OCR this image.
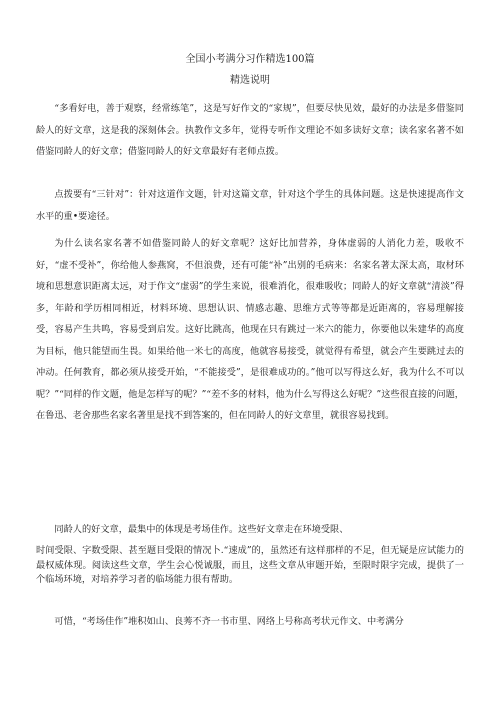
全国小考满分习作精选100篇
精选说明

“多看好电，善于观察，经常练笔”，这是写好作文的“家规”，但要尽快见效，最好的办法是多借鉴同龄人的好文章，这是我的深刻体会。执教作文多年，觉得专听作文理论不如多读好文章；读名家名著不如借鉴同龄人的好文章；借鉴同龄人的好文章最好有老师点拨。

点拨要有“三针对”：针对这道作文题，针对这篇文章，针对这个学生的具体问题。这是快速提高作文水平的重•要途径。

为什么读名家名著不如借鉴同龄人的好文章呢？这好比加营养，身体虚弱的人消化力差，吸收不好，“虚不受补”，你给他人参燕窝，不但浪费，还有可能“补”出别的毛病来：名家名著太深太高，取材环境和思想意识距离太远，对于作文“虚弱”的学生来说，很难消化，很难吸收；同龄人的好文章就“清淡”得多，年龄和学历相同相近，材料环境、思想认识、情感志趣、思维方式等等都是近距离的，容易理解接受，容易产生共鸣，容易受到启发。这好比跳高，他现在只有跳过一米六的能力，你要他以朱建华的高度为目标，他只能望而生畏。如果给他一米七的高度，他就容易接受，就觉得有希望，就会产生要跳过去的冲动。任何教育，都必须从接受开始，“不能接受”，是很难成功的。”他可以写得这么好，我为什么不可以呢？”“同样的作文题，他是怎样写的呢？”“差不多的材料，他为什么写得这么好呢？”这些很直接的问题，在鲁迅、老舍那些名家名著里是找不到答案的，但在同龄人的好文章里，就很容易找到。

同龄人的好文章，最集中的体现是考场佳作。这些好文章走在环境受限、

时间受限、字数受限、甚至题目受限的情况卜.“速成”的，虽然还有这样那样的不足，但无疑是应试能力的最权威体现。阅读这些文章，学生会心悦诚服，而且，这些文章从审题开始，至限时限字完成，提供了一个临场环境，对培养学习者的临场能力很有帮助。

可惜，“考场佳作”堆积如山、良莠不齐一书市里、网络上号称高考状元作文、中考满分
